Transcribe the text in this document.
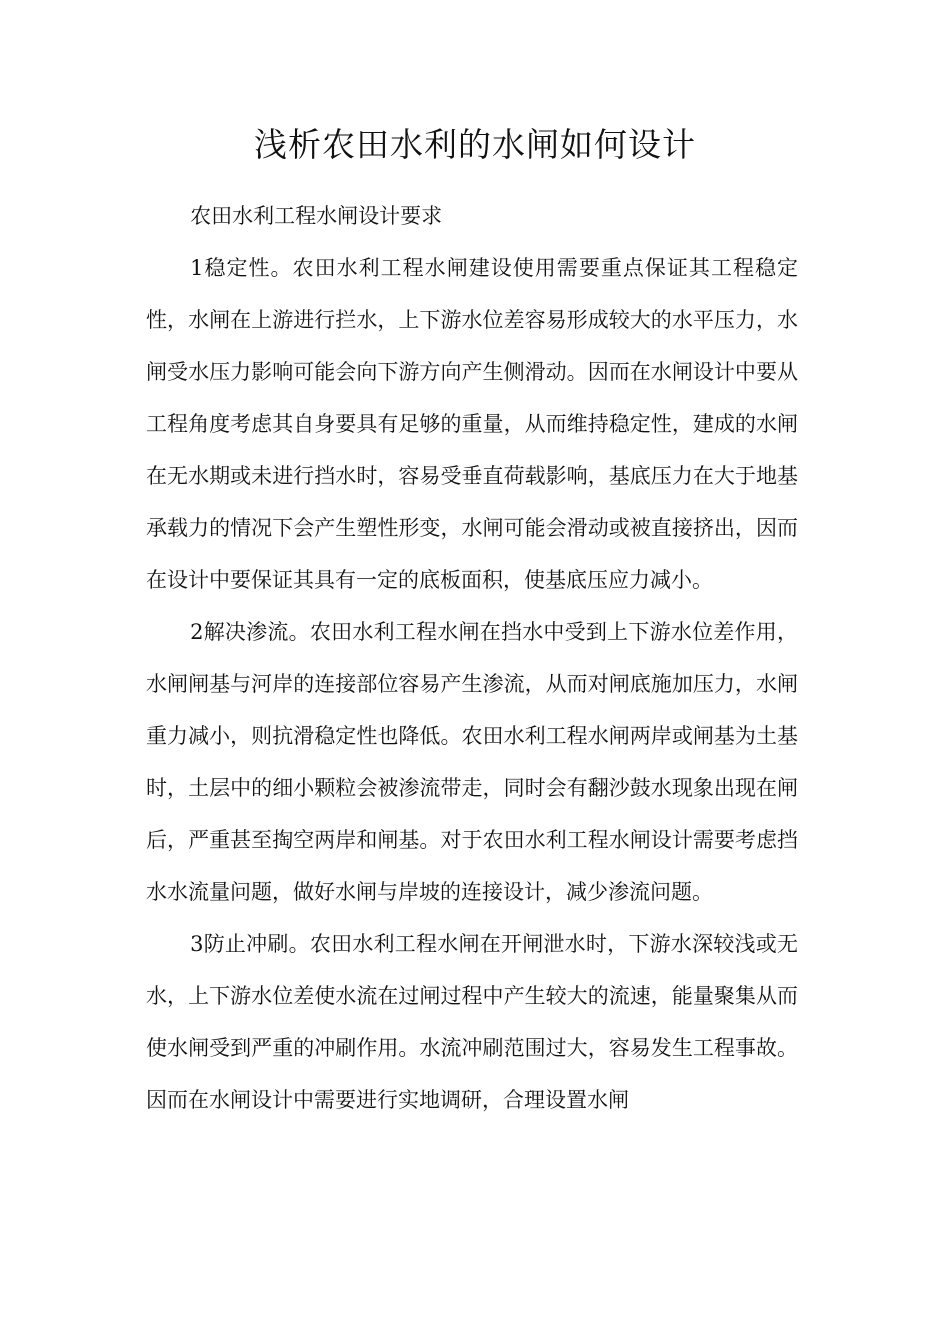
浅析农田水利的水闸如何设计

农田水利工程水闸设计要求

1稳定性。农田水利工程水闸建设使用需要重点保证其工程稳定性，水闸在上游进行拦水，上下游水位差容易形成较大的水平压力，水闸受水压力影响可能会向下游方向产生侧滑动。因而在水闸设计中要从工程角度考虑其自身要具有足够的重量，从而维持稳定性，建成的水闸在无水期或未进行挡水时，容易受垂直荷载影响，基底压力在大于地基承载力的情况下会产生塑性形变，水闸可能会滑动或被直接挤出，因而在设计中要保证其具有一定的底板面积，使基底压应力减小。

2解决渗流。农田水利工程水闸在挡水中受到上下游水位差作用，水闸闸基与河岸的连接部位容易产生渗流，从而对闸底施加压力，水闸重力减小，则抗滑稳定性也降低。农田水利工程水闸两岸或闸基为土基时，土层中的细小颗粒会被渗流带走，同时会有翻沙鼓水现象出现在闸后，严重甚至掏空两岸和闸基。对于农田水利工程水闸设计需要考虑挡水水流量问题，做好水闸与岸坡的连接设计，减少渗流问题。

3防止冲刷。农田水利工程水闸在开闸泄水时，下游水深较浅或无水，上下游水位差使水流在过闸过程中产生较大的流速，能量聚集从而使水闸受到严重的冲刷作用。水流冲刷范围过大，容易发生工程事故。因而在水闸设计中需要进行实地调研，合理设置水闸
